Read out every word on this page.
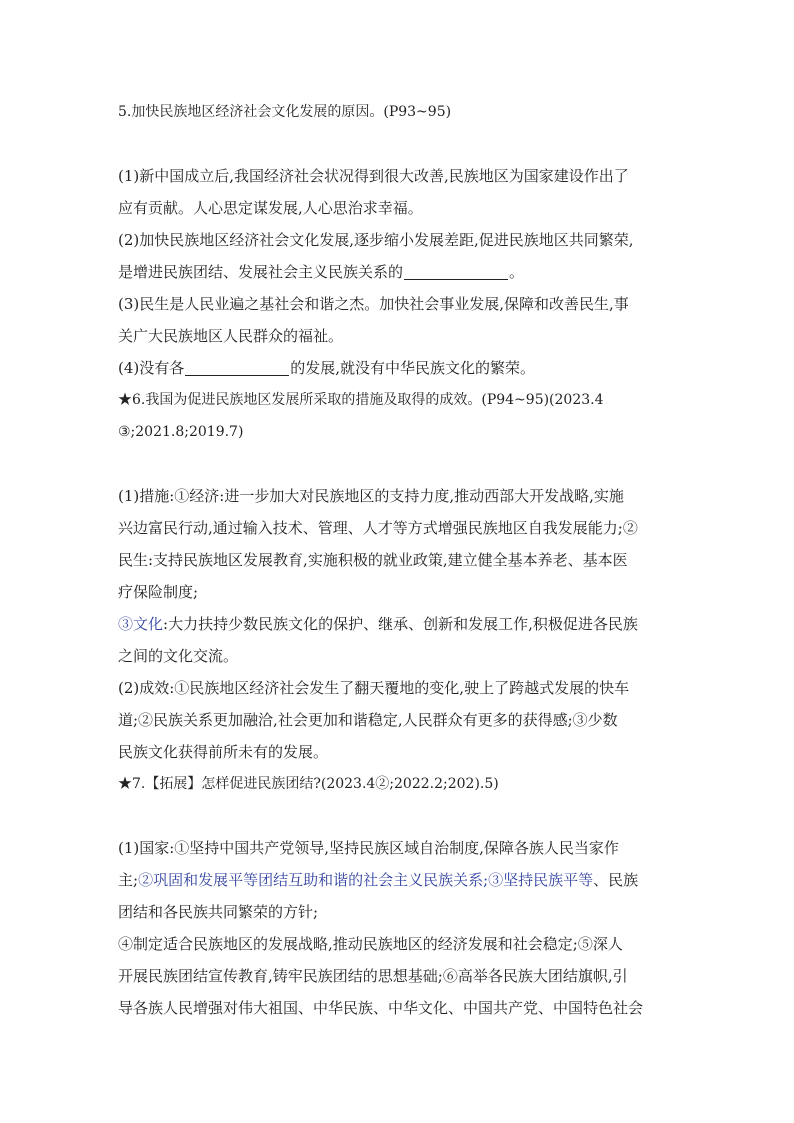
5.加快民族地区经济社会文化发展的原因。(P93~95)
(1)新中国成立后,我国经济社会状况得到很大改善,民族地区为国家建设作出了
应有贡献。人心思定谋发展,人心思治求幸福。
(2)加快民族地区经济社会文化发展,逐步缩小发展差距,促进民族地区共同繁荣,
是增进民族团结、发展社会主义民族关系的	。
(3)民生是人民业遍之基社会和谐之杰。加快社会事业发展,保障和改善民生,事
关广大民族地区人民群众的福祉。
(4)没有各	的发展,就没有中华民族文化的繁荣。
★6.我国为促进民族地区发展所采取的措施及取得的成效。(P94~95)(2023.4
③;2021.8;2019.7)
(1)措施:①经济:进一步加大对民族地区的支持力度,推动西部大开发战略,实施
兴边富民行动,通过输入技术、管理、人才等方式增强民族地区自我发展能力;②
民生:支持民族地区发展教育,实施积极的就业政策,建立健全基本养老、基本医
疗保险制度;
③文化:大力扶持少数民族文化的保护、继承、创新和发展工作,积极促进各民族
之间的文化交流。
(2)成效:①民族地区经济社会发生了翻天覆地的变化,驶上了跨越式发展的快车
道;②民族关系更加融洽,社会更加和谐稳定,人民群众有更多的获得感;③少数
民族文化获得前所未有的发展。
★7.【拓展】怎样促进民族团结?(2023.4②;2022.2;202).5)
(1)国家:①坚持中国共产党领导,坚持民族区域自治制度,保障各族人民当家作
主;②巩固和发展平等团结互助和谐的社会主义民族关系;③坚持民族平等、民族
团结和各民族共同繁荣的方针;
④制定适合民族地区的发展战略,推动民族地区的经济发展和社会稳定;⑤深人
开展民族团结宣传教育,铸牢民族团结的思想基础;⑥高举各民族大团结旗帜,引
导各族人民增强对伟大祖国、中华民族、中华文化、中国共产党、中国特色社会
